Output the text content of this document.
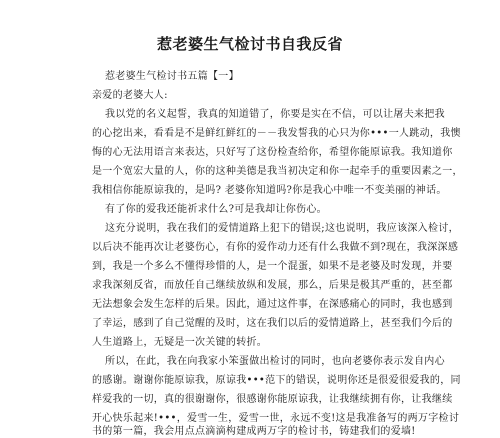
惹老婆生气检讨书自我反省
惹老婆生气检讨书五篇【一】
亲爱的老婆大人:
我以党的名义起誓，我真的知道错了，你要是实在不信，可以让屠夫来把我
的心挖出来，看看是不是鲜红鲜红的－－我发誓我的心只为你•••一人跳动，我懊
悔的心无法用语言来表达，只好写了这份检查给你，希望你能原谅我。我知道你
是一个宽宏大量的人，你的这种美德是我当初决定和你一起牵手的重要因素之一，
我相信你能原谅我的，是吗? 老婆你知道吗?你是我心中唯一不变美丽的神话。
有了你的爱我还能祈求什么?可是我却让你伤心。
这充分说明，我在我们的爱情道路上犯下的错误;这也说明，我应该深入检讨，
以后决不能再次让老婆伤心，有你的爱作动力还有什么我做不到?现在，我深深感
到，我是一个多么不懂得珍惜的人，是一个混蛋，如果不是老婆及时发现，并要
求我深刻反省，而放任自己继续放纵和发展，那么，后果是极其严重的，甚至都
无法想象会发生怎样的后果。因此，通过这件事，在深感痛心的同时，我也感到
了幸运，感到了自己觉醒的及时，这在我们以后的爱情道路上，甚至我们今后的
人生道路上，无疑是一次关键的转折。
所以，在此，我在向我家小笨蛋做出检讨的同时，也向老婆你表示发自内心
的感谢。谢谢你能原谅我，原谅我•••范下的错误，说明你还是很爱很爱我的，同
样爱我的一切，真的很谢谢你，很感谢你能原谅我，让我继续拥有你，让我继续
开心快乐起来!•••，爱雪一生，爱雪一世，永远不变!这是我准备写的两万字检讨
书的第一篇，我会用点点滴滴构建成两万字的检讨书，铸建我们的爱墙!
